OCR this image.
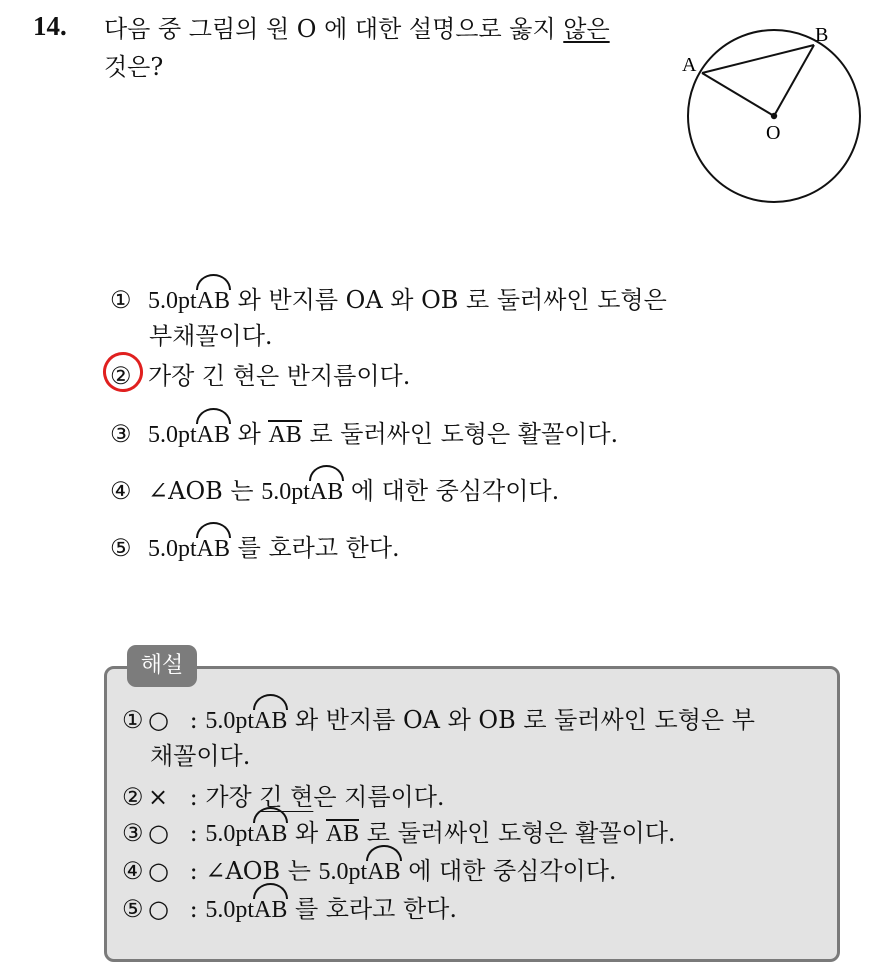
14. 다음 중 그림의 원 O 에 대한 설명으로 옳지 않은
것은?	A
B
O
① 5.0ptAB 와 반지름 OA 와 OB 로 둘러싸인 도형은
부채꼴이다.
② 가장 긴 현은 반지름이다.
③ 5.0ptAB 와 AB 로 둘러싸인 도형은 활꼴이다.
④ ∠AOB 는 5.0ptAB 에 대한 중심각이다.
⑤ 5.0ptAB 를 호라고 한다.
해설
① ○ : 5.0ptAB 와 반지름 OA 와 OB 로 둘러싸인 도형은 부
채꼴이다.
② × : 가장 긴 현은 지름이다.
③ ○ : 5.0ptAB 와 AB 로 둘러싸인 도형은 활꼴이다.
④ ○ : ∠AOB 는 5.0ptAB 에 대한 중심각이다.
⑤ ○ : 5.0ptAB 를 호라고 한다.
